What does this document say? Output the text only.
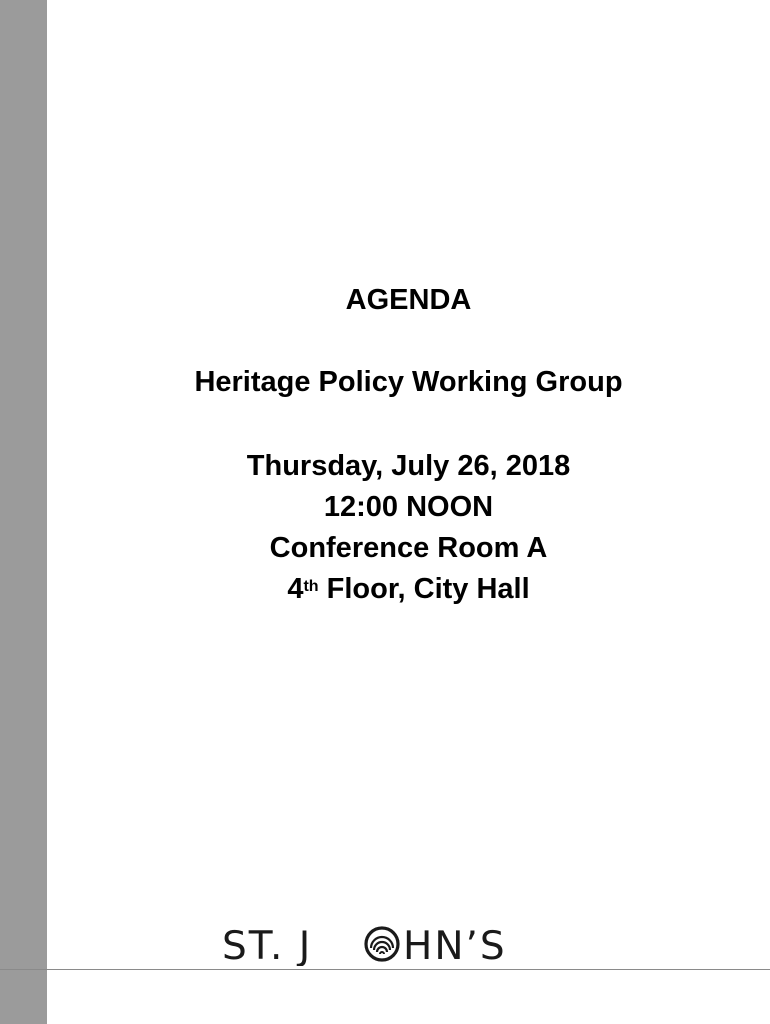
AGENDA

Heritage Policy Working Group

Thursday, July 26, 2018
12:00 NOON
Conference Room A
4th Floor, City Hall
ST. J HN’S
